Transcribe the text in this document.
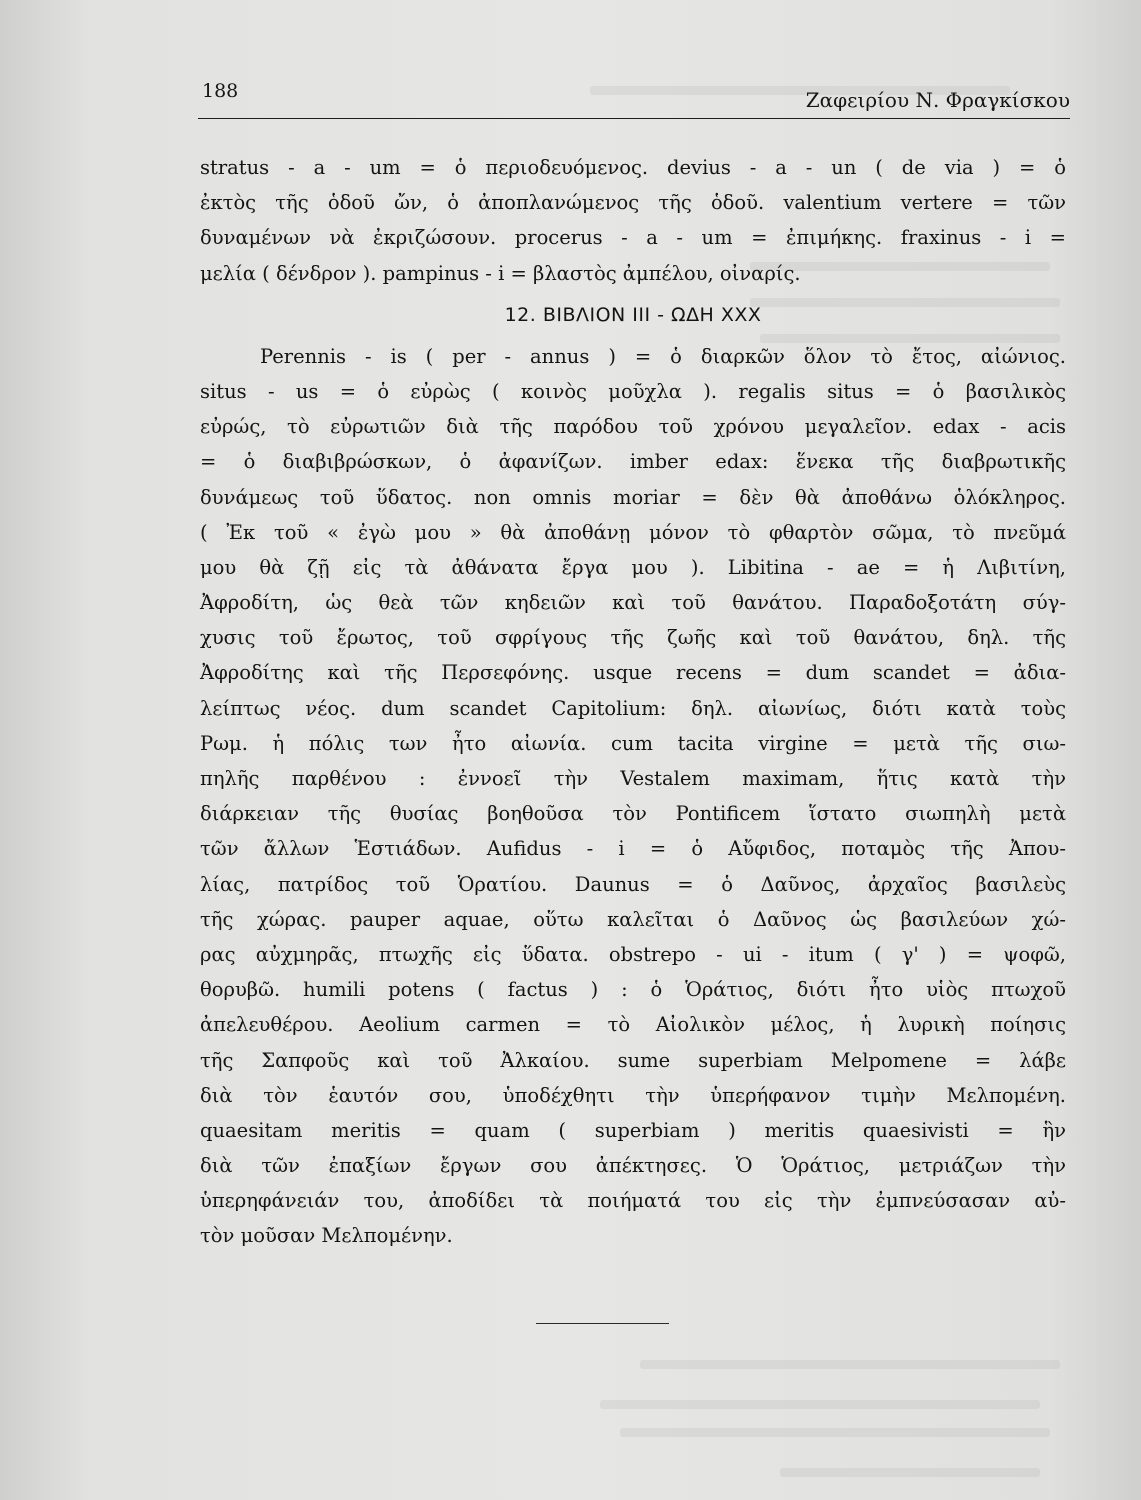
188	Ζαφειρίου Ν. Φραγκίσκου
stratus - a - um = ὁ περιοδευόμενος. devius - a - un ( de via ) = ὁ
ἐκτὸς τῆς ὁδοῦ ὤν, ὁ ἀποπλανώμενος τῆς ὁδοῦ. valentium vertere = τῶν
δυναμένων νὰ ἐκριζώσουν. procerus - a - um = ἐπιμήκης. fraxinus - i =
μελία ( δένδρον ). pampinus - i = βλαστὸς ἀμπέλου, οἰναρίς.
12. ΒΙΒΛΙΟΝ III - ΩΔΗ XXX
Perennis - is ( per - annus ) = ὁ διαρκῶν ὅλον τὸ ἔτος, αἰώνιος.
situs - us = ὁ εὐρὼς ( κοινὸς μοῦχλα ). regalis situs = ὁ βασιλικὸς
εὐρώς, τὸ εὐρωτιῶν διὰ τῆς παρόδου τοῦ χρόνου μεγαλεῖον. edax - acis
= ὁ διαβιβρώσκων, ὁ ἀφανίζων. imber edax: ἕνεκα τῆς διαβρωτικῆς
δυνάμεως τοῦ ὕδατος. non omnis moriar = δὲν θὰ ἀποθάνω ὁλόκληρος.
( Ἐκ τοῦ « ἐγὼ μου » θὰ ἀποθάνῃ μόνον τὸ φθαρτὸν σῶμα, τὸ πνεῦμά
μου θὰ ζῇ εἰς τὰ ἀθάνατα ἔργα μου ). Libitina - ae = ἡ Λιβιτίνη,
Ἀφροδίτη, ὡς θεὰ τῶν κηδειῶν καὶ τοῦ θανάτου. Παραδοξοτάτη σύγ-
χυσις τοῦ ἔρωτος, τοῦ σφρίγους τῆς ζωῆς καὶ τοῦ θανάτου, δηλ. τῆς
Ἀφροδίτης καὶ τῆς Περσεφόνης. usque recens = dum scandet = ἀδια-
λείπτως νέος. dum scandet Capitolium: δηλ. αἰωνίως, διότι κατὰ τοὺς
Ρωμ. ἡ πόλις των ἦτο αἰωνία. cum tacita virgine = μετὰ τῆς σιω-
πηλῆς παρθένου : ἐννοεῖ τὴν Vestalem maximam, ἥτις κατὰ τὴν
διάρκειαν τῆς θυσίας βοηθοῦσα τὸν Pontificem ἵστατο σιωπηλὴ μετὰ
τῶν ἄλλων Ἑστιάδων. Aufidus - i = ὁ Αὔφιδος, ποταμὸς τῆς Ἀπου-
λίας, πατρίδος τοῦ Ὁρατίου. Daunus = ὁ Δαῦνος, ἀρχαῖος βασιλεὺς
τῆς χώρας. pauper aquae, οὕτω καλεῖται ὁ Δαῦνος ὡς βασιλεύων χώ-
ρας αὐχμηρᾶς, πτωχῆς εἰς ὕδατα. obstrepo - ui - itum ( γ' ) = ψοφῶ,
θορυβῶ. humili potens ( factus ) : ὁ Ὁράτιος, διότι ἦτο υἱὸς πτωχοῦ
ἀπελευθέρου. Aeolium carmen = τὸ Αἰολικὸν μέλος, ἡ λυρικὴ ποίησις
τῆς Σαπφοῦς καὶ τοῦ Ἀλκαίου. sume superbiam Melpomene = λάβε
διὰ τὸν ἑαυτόν σου, ὑποδέχθητι τὴν ὑπερήφανον τιμὴν Μελπομένη.
quaesitam meritis = quam ( superbiam ) meritis quaesivisti = ἣν
διὰ τῶν ἐπαξίων ἔργων σου ἀπέκτησες. Ὁ Ὁράτιος, μετριάζων τὴν
ὑπερηφάνειάν του, ἀποδίδει τὰ ποιήματά του εἰς τὴν ἐμπνεύσασαν αὐ-
τὸν μοῦσαν Μελπομένην.
